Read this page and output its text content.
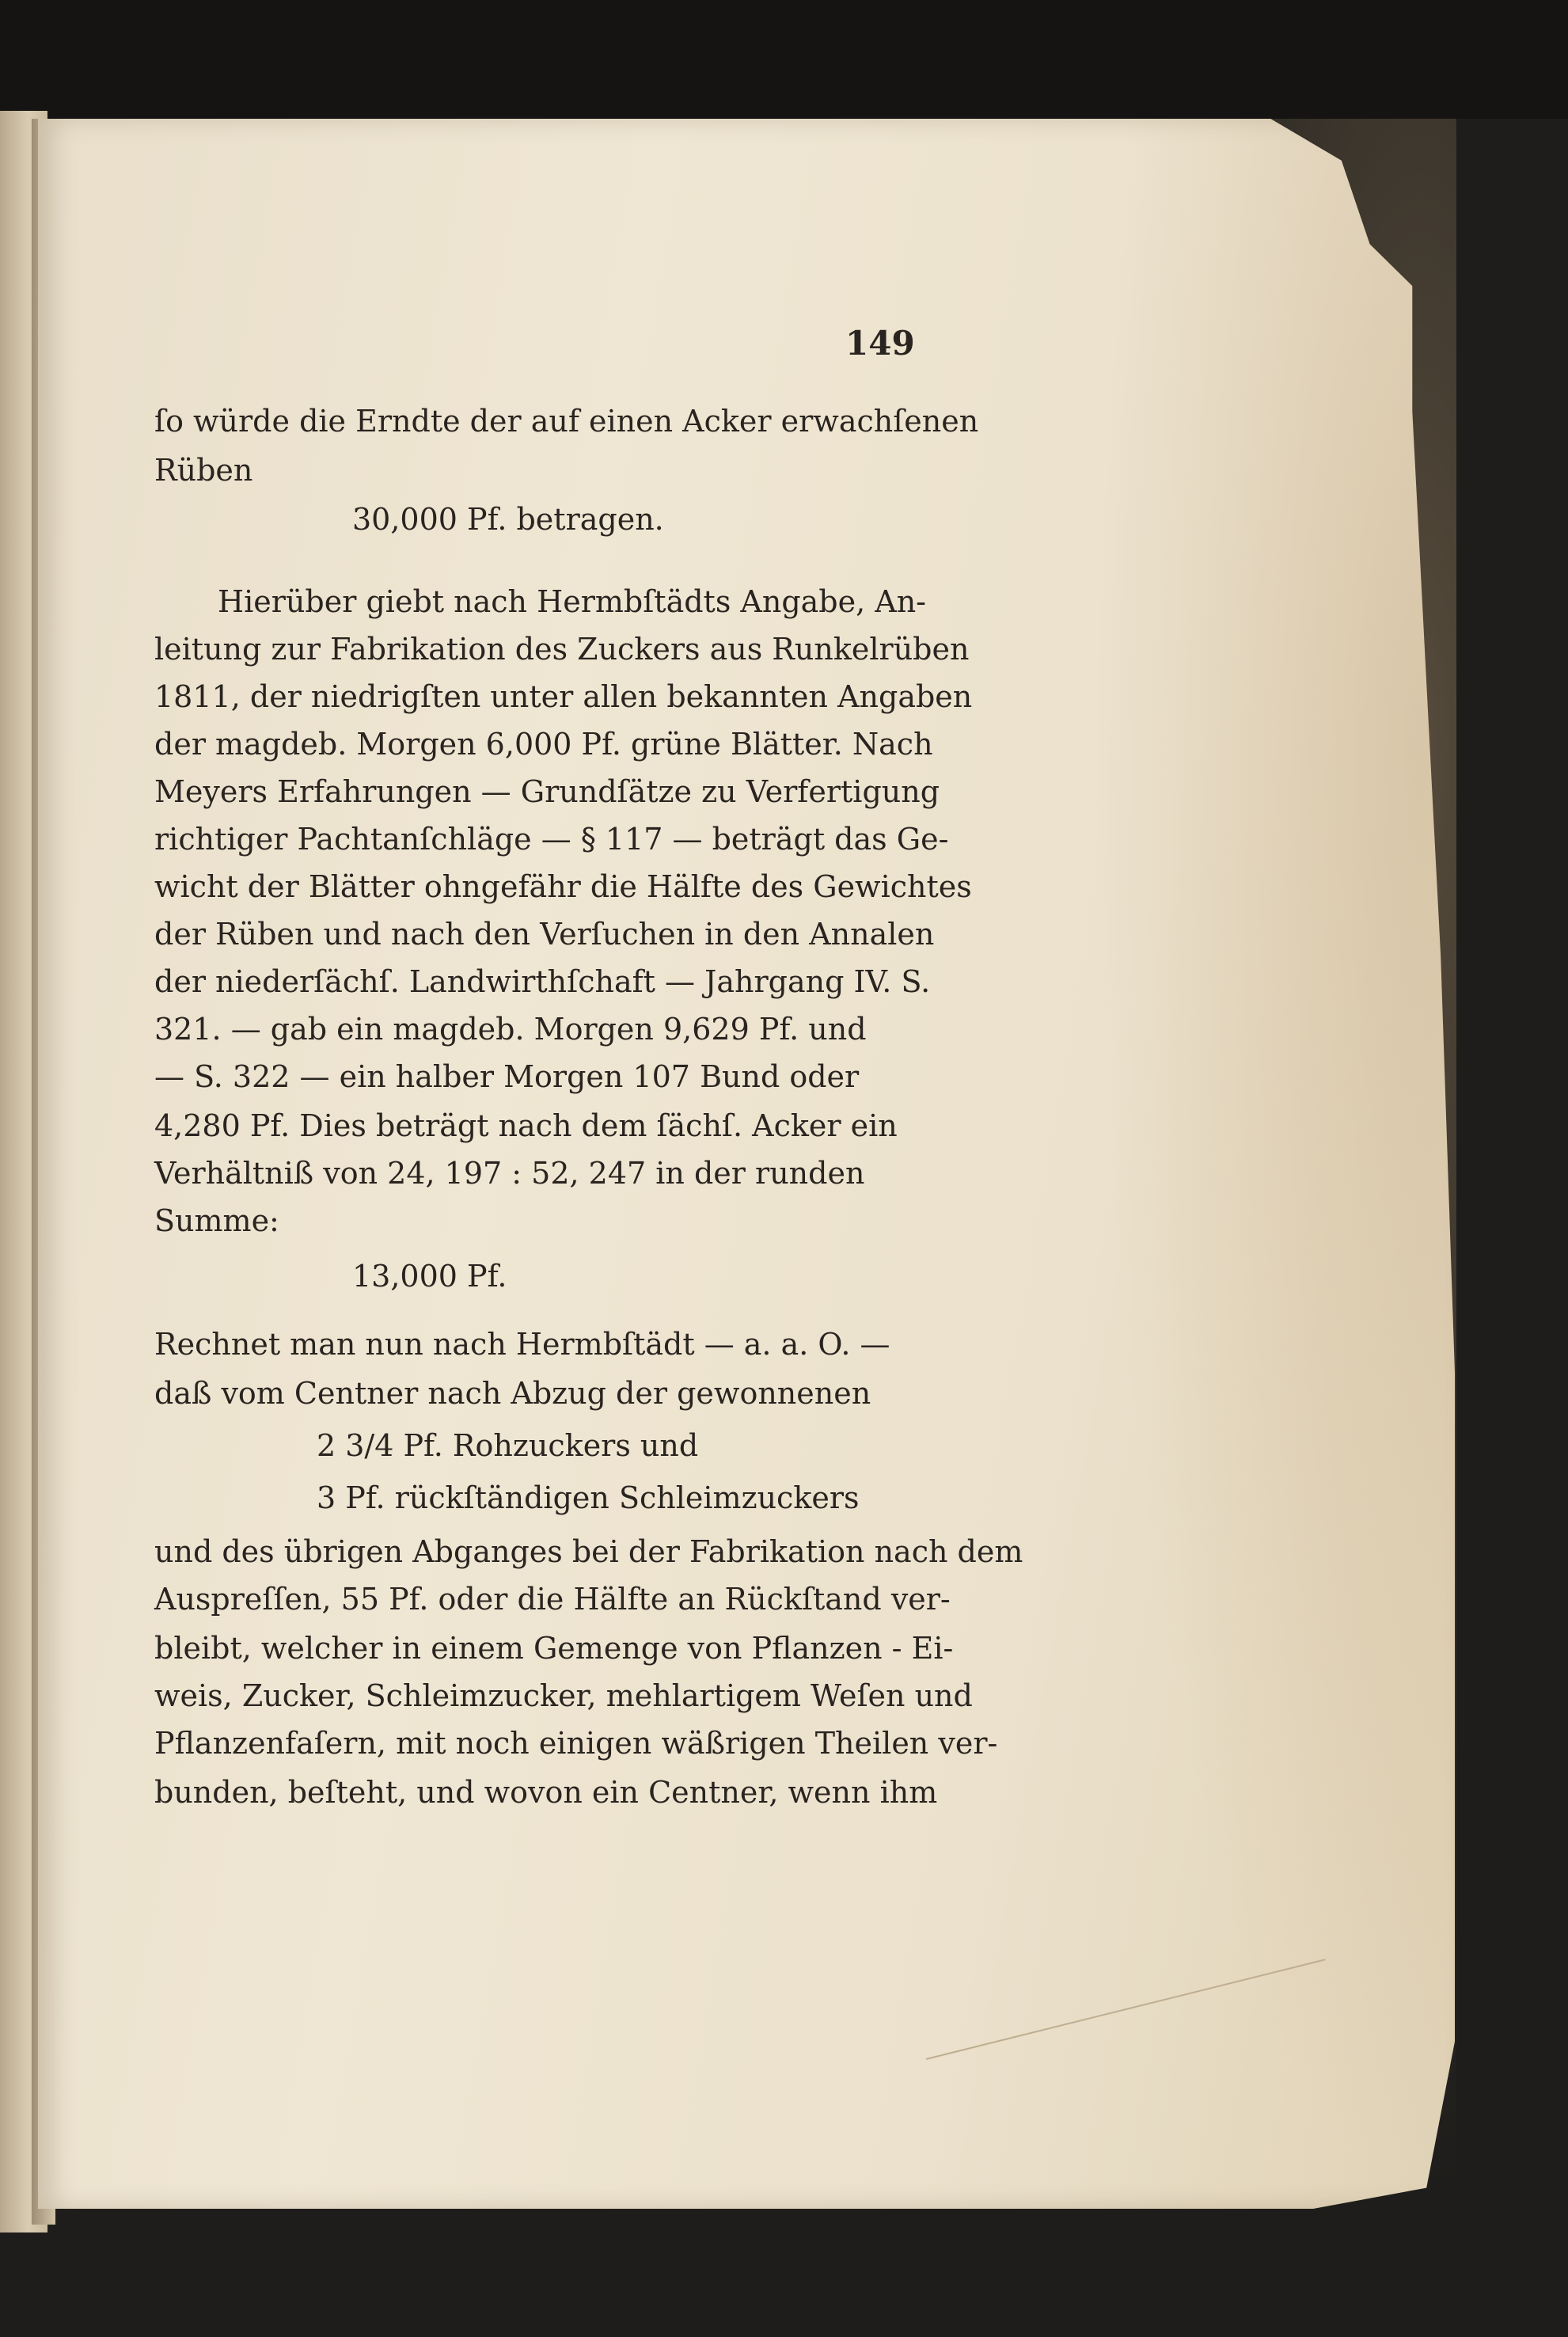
149
ſo würde die Erndte der auf einen Acker erwachſenen
Rüben
30,000 Pf. betragen.
Hierüber giebt nach Hermbſtädts Angabe, An-
leitung zur Fabrikation des Zuckers aus Runkelrüben
1811, der niedrigſten unter allen bekannten Angaben
der magdeb. Morgen 6,000 Pf. grüne Blätter. Nach
Meyers Erfahrungen — Grundſätze zu Verfertigung
richtiger Pachtanſchläge — § 117 — beträgt das Ge-
wicht der Blätter ohngefähr die Hälfte des Gewichtes
der Rüben und nach den Verſuchen in den Annalen
der niederſächſ. Landwirthſchaft — Jahrgang IV. S.
321. — gab ein magdeb. Morgen 9,629 Pf. und
— S. 322 — ein halber Morgen 107 Bund oder
4,280 Pf. Dies beträgt nach dem ſächſ. Acker ein
Verhältniß von 24, 197 : 52, 247 in der runden
Summe:
13,000 Pf.
Rechnet man nun nach Hermbſtädt — a. a. O. —
daß vom Centner nach Abzug der gewonnenen
2 3/4 Pf. Rohzuckers und
3 Pf. rückſtändigen Schleimzuckers
und des übrigen Abganges bei der Fabrikation nach dem
Auspreſſen, 55 Pf. oder die Hälfte an Rückſtand ver-
bleibt, welcher in einem Gemenge von Pflanzen - Ei-
weis, Zucker, Schleimzucker, mehlartigem Weſen und
Pflanzenfaſern, mit noch einigen wäßrigen Theilen ver-
bunden, beſteht, und wovon ein Centner, wenn ihm
